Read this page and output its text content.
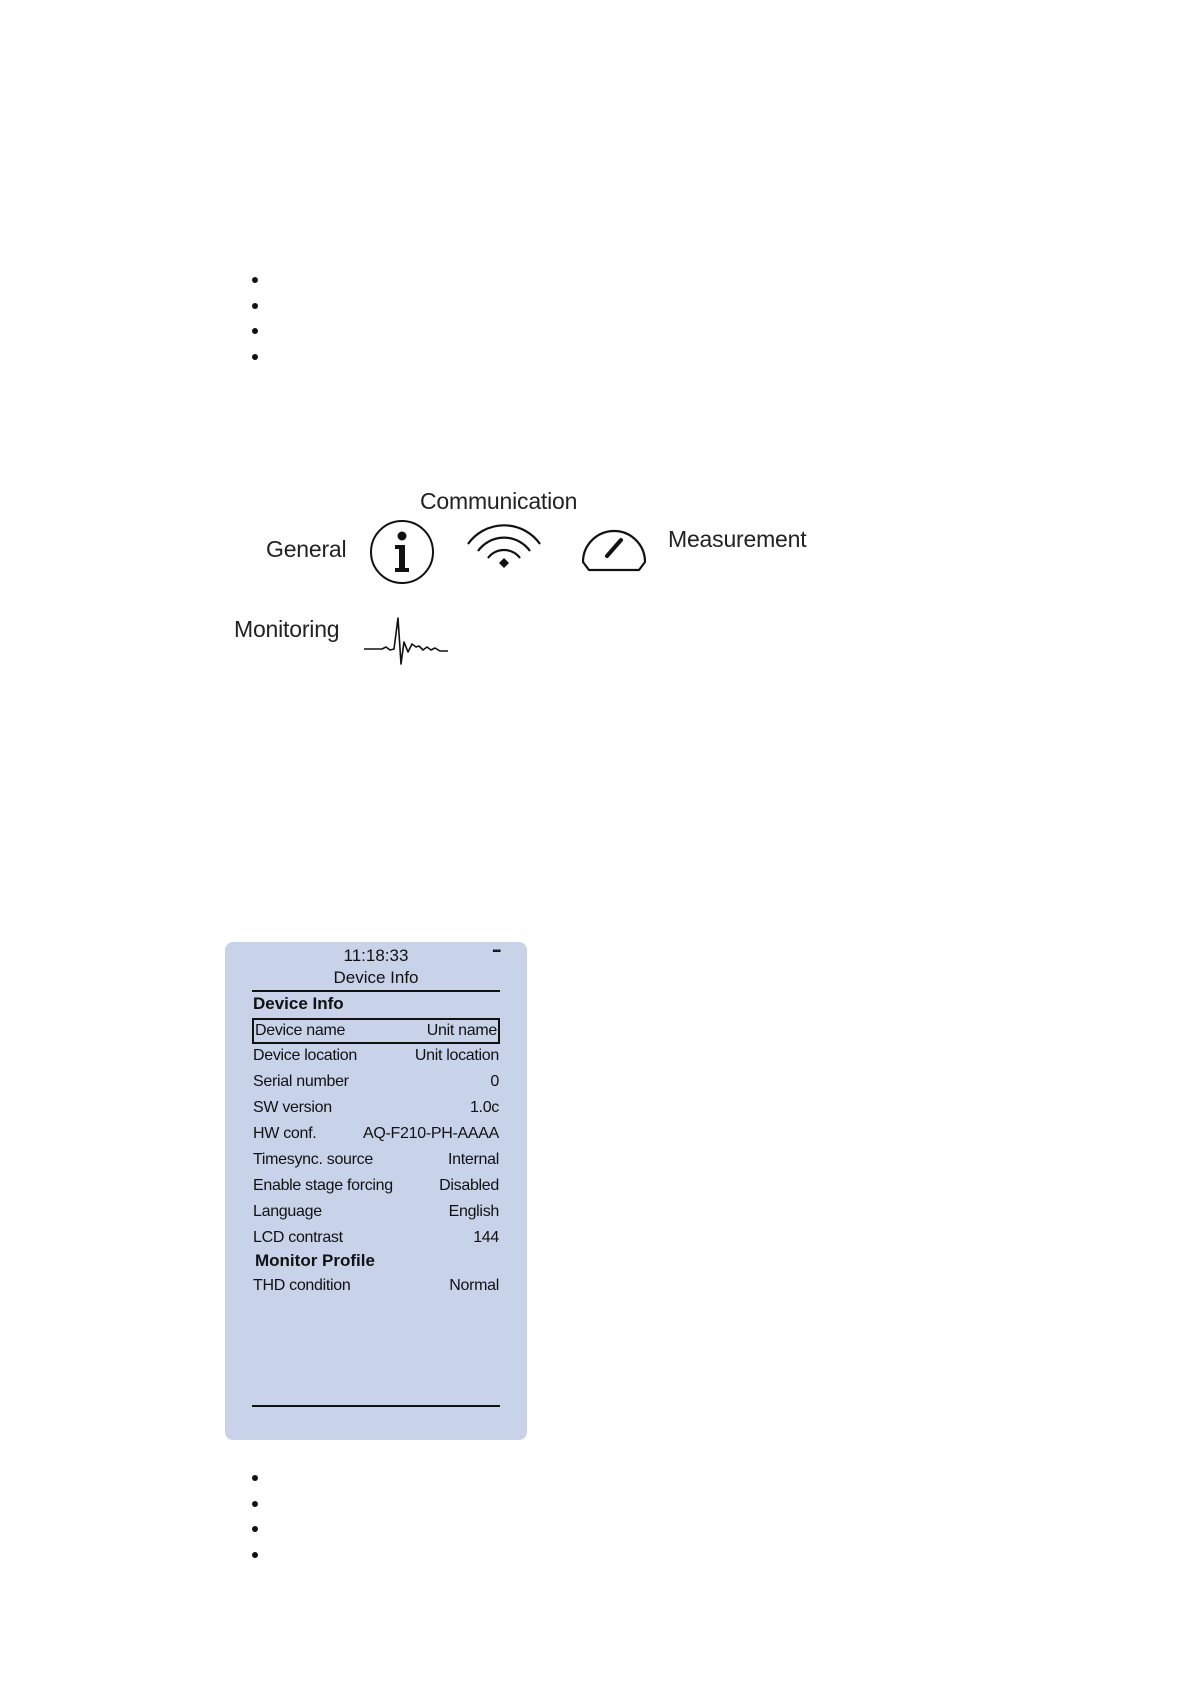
Communication
General	Measurement
Monitoring
11:18:33	▪▪▪
Device Info
Device Info
Device name	Unit name
Device location	Unit location
Serial number	0
SW version	1.0c
HW conf.	AQ-F210-PH-AAAA
Timesync. source	Internal
Enable stage forcing	Disabled
Language	English
LCD contrast	144
Monitor Profile
THD condition	Normal
